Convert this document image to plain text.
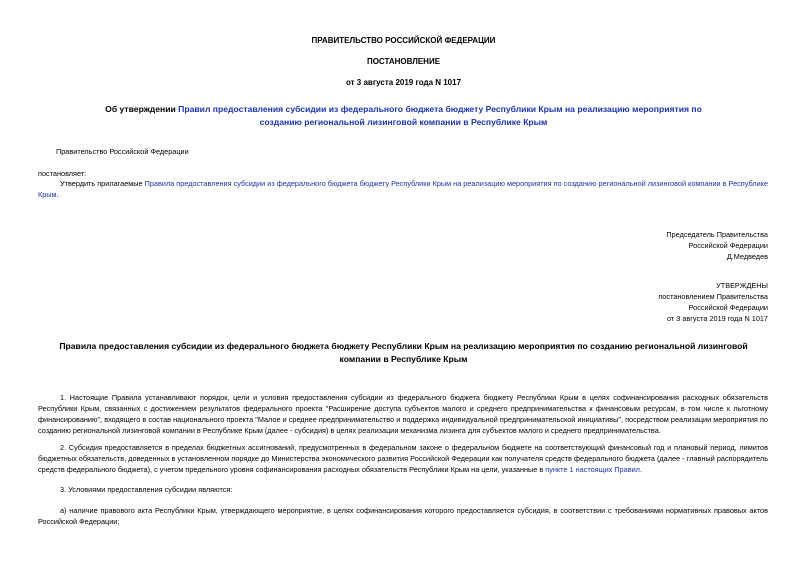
ПРАВИТЕЛЬСТВО РОССИЙСКОЙ ФЕДЕРАЦИИ
ПОСТАНОВЛЕНИЕ
от 3 августа 2019 года N 1017
Об утверждении Правил предоставления субсидии из федерального бюджета бюджету Республики Крым на реализацию мероприятия по созданию региональной лизинговой компании в Республике Крым
Правительство Российской Федерации
постановляет:
Утвердить прилагаемые Правила предоставления субсидии из федерального бюджета бюджету Республики Крым на реализацию мероприятия по созданию региональной лизинговой компании в Республике Крым.
Председатель Правительства
Российской Федерации
Д.Медведев
УТВЕРЖДЕНЫ
постановлением Правительства
Российской Федерации
от 3 августа 2019 года N 1017
Правила предоставления субсидии из федерального бюджета бюджету Республики Крым на реализацию мероприятия по созданию региональной лизинговой компании в Республике Крым
1. Настоящие Правила устанавливают порядок, цели и условия предоставления субсидии из федерального бюджета бюджету Республики Крым в целях софинансирования расходных обязательств Республики Крым, связанных с достижением результатов федерального проекта "Расширение доступа субъектов малого и среднего предпринимательства к финансовым ресурсам, в том числе к льготному финансированию", входящего в состав национального проекта "Малое и среднее предпринимательство и поддержка индивидуальной предпринимательской инициативы", посредством реализации мероприятия по созданию региональной лизинговой компании в Республике Крым (далее - субсидия) в целях реализации механизма лизинга для субъектов малого и среднего предпринимательства.
2. Субсидия предоставляется в пределах бюджетных ассигнований, предусмотренных в федеральном законе о федеральном бюджете на соответствующий финансовый год и плановый период, лимитов бюджетных обязательств, доведенных в установленном порядке до Министерства экономического развития Российской Федерации как получателя средств федерального бюджета (далее - главный распорядитель средств федерального бюджета), с учетом предельного уровня софинансирования расходных обязательств Республики Крым на цели, указанные в пункте 1 настоящих Правил.
3. Условиями предоставления субсидии являются:
а) наличие правового акта Республики Крым, утверждающего мероприятие, в целях софинансирования которого предоставляется субсидия, в соответствии с требованиями нормативных правовых актов Российской Федерации;
